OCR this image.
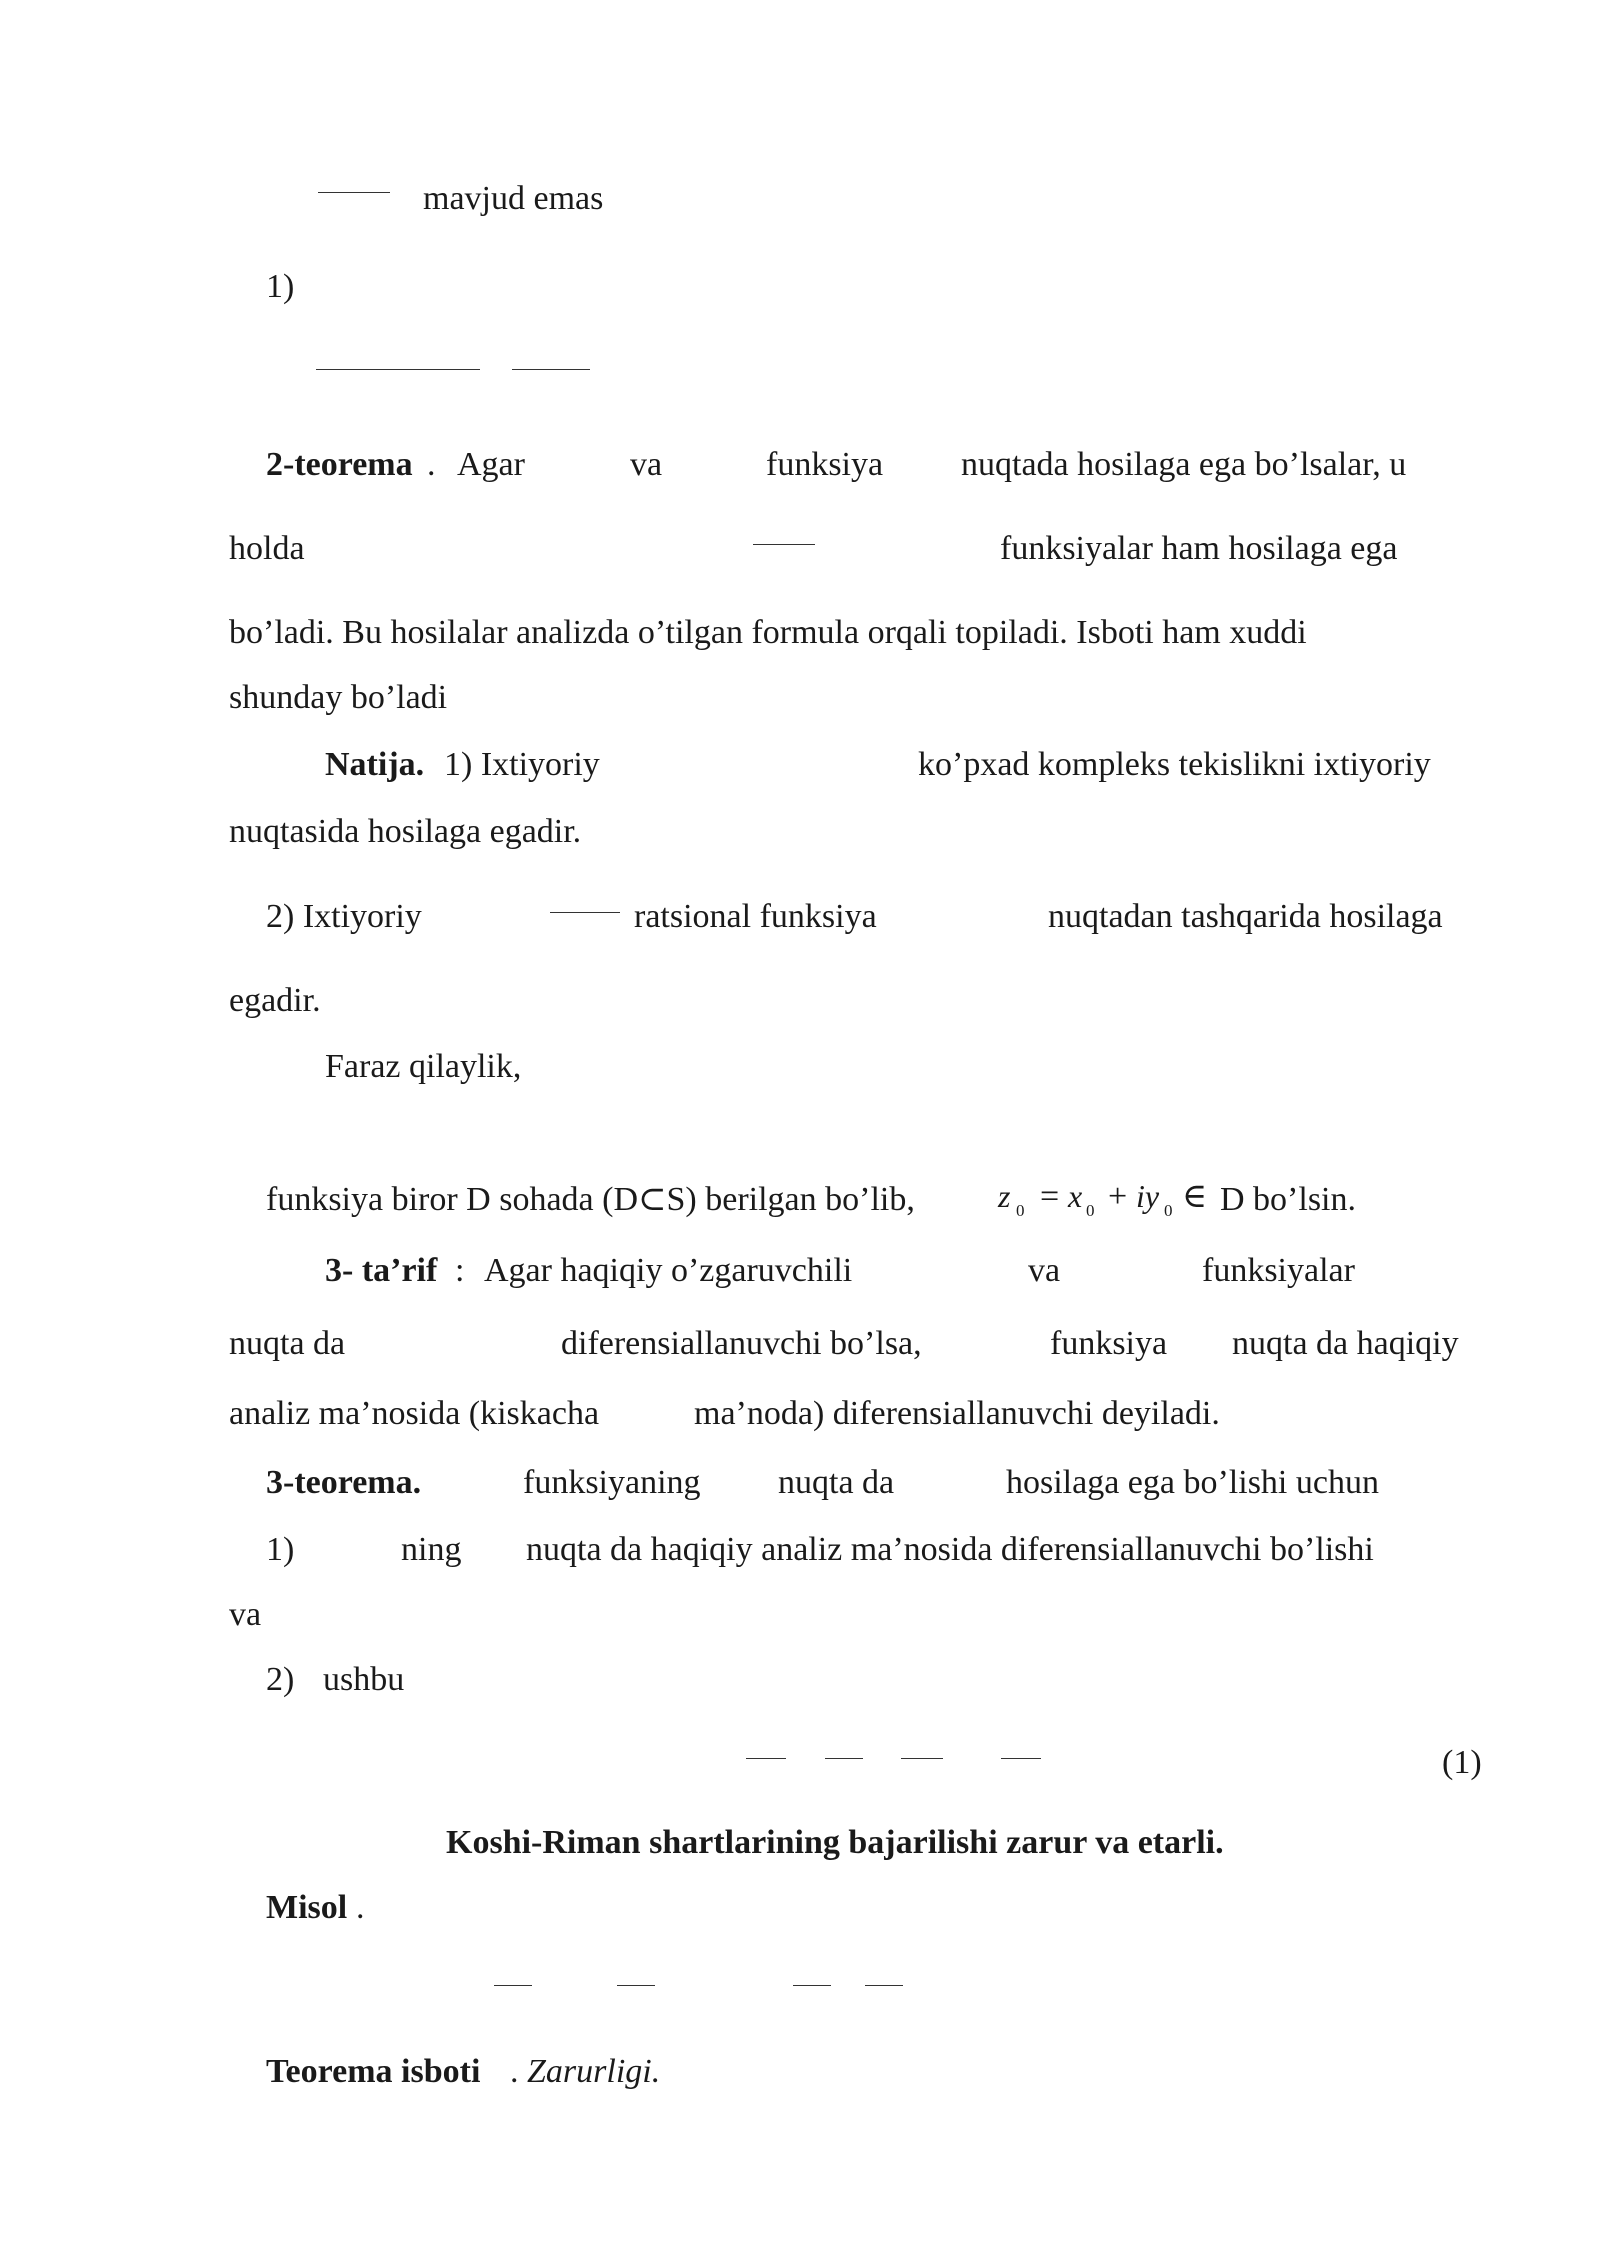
mavjud emas
1)
2-teorema . Agar	va	funksiya nuqtada hosilaga ega bo’lsalar, u
holda	funksiyalar ham hosilaga ega
bo’ladi. Bu hosilalar analizda o’tilgan formula orqali topiladi. Isboti ham xuddi
shunday bo’ladi
Natija. 1) Ixtiyoriy	ko’pxad kompleks tekislikni ixtiyoriy
nuqtasida hosilaga egadir.
2) Ixtiyoriy	ratsional funksiya	nuqtadan tashqarida hosilaga
egadir.
Faraz qilaylik,
funksiya biror D sohada (D⊂S) berilgan bo’lib,	z 0 = x 0 + iy 0 ∈ D bo’lsin.
3- ta’rif : Agar haqiqiy o’zgaruvchili	va	funksiyalar
nuqta da	diferensiallanuvchi bo’lsa,	funksiya nuqta da haqiqiy
analiz ma’nosida (kiskacha	ma’noda) diferensiallanuvchi deyiladi.
3-teorema.	funksiyaning nuqta da	hosilaga ega bo’lishi uchun
1)	ning nuqta da haqiqiy analiz ma’nosida diferensiallanuvchi bo’lishi
va
2) ushbu
(1)
Koshi-Riman shartlarining bajarilishi zarur va etarli.
Misol .
Teorema isboti . Zarurligi.
